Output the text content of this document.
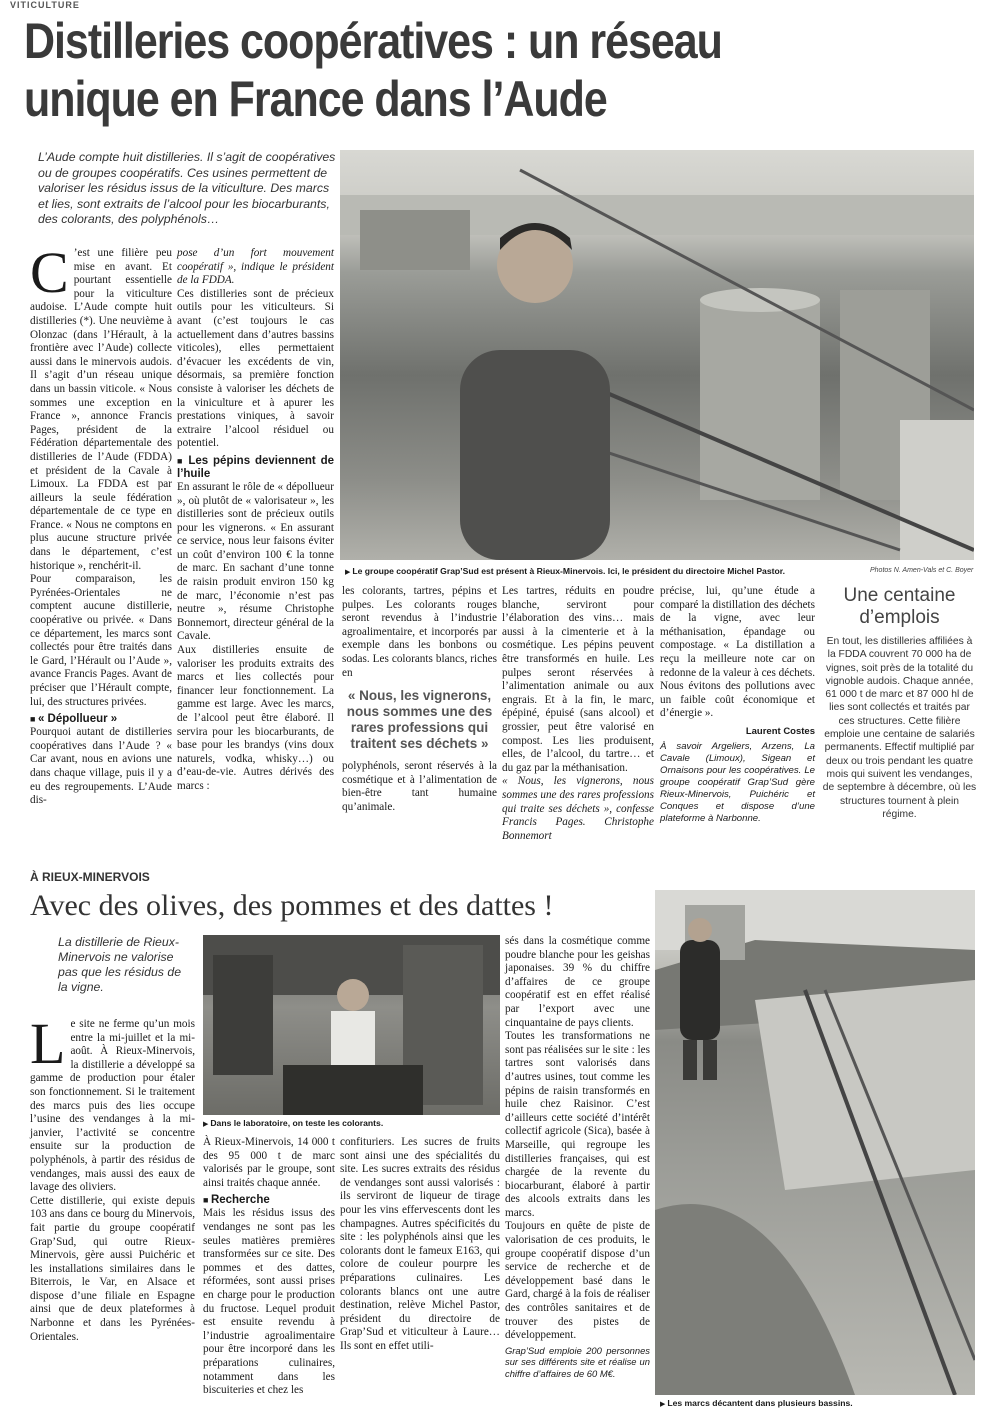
VITICULTURE
Distilleries coopératives : un réseau
unique en France dans l’Aude
L’Aude compte huit distilleries. Il s’agit de coopératives ou de groupes coopératifs. Ces usines permettent de valoriser les résidus issus de la viticulture. Des marcs et lies, sont extraits de l’alcool pour les biocarburants, des colorants, des polyphénols…
▶ Le groupe coopératif Grap’Sud est présent à Rieux-Minervois. Ici, le président du directoire Michel Pastor.	Photos N. Amen-Vals et C. Boyer

C ’est une filière peu mise en avant. Et pourtant essentielle pour la viticulture audoise. L’Aude compte huit distilleries (*). Une neuvième à Olonzac (dans l’Hérault, à la frontière avec l’Aude) collecte aussi dans le minervois audois. Il s’agit d’un réseau unique dans un bassin viticole. « Nous sommes une exception en France », annonce Francis Pages, président de la Fédération départementale des distilleries de l’Aude (FDDA) et président de la Cavale à Limoux. La FDDA est par ailleurs la seule fédération départementale de ce type en France. « Nous ne comptons en plus aucune structure privée dans le département, c’est historique », renchérit-il.

Pour comparaison, les Pyrénées-Orientales ne comptent aucune distillerie, coopérative ou privée. « Dans ce département, les marcs sont collectés pour être traités dans le Gard, l’Hérault ou l’Aude », avance Francis Pages. Avant de préciser que l’Hérault compte, lui, des structures privées.

■ « Dépollueur »

Pourquoi autant de distilleries coopératives dans l’Aude ? « Car avant, nous en avions une dans chaque village, puis il y a eu des regroupements. L’Aude dis-

pose d’un fort mouvement coopératif », indique le président de la FDDA.

Ces distilleries sont de précieux outils pour les viticulteurs. Si avant (c’est toujours le cas actuellement dans d’autres bassins viticoles), elles permettaient d’évacuer les excédents de vin, désormais, sa première fonction consiste à valoriser les déchets de la viniculture et à apurer les prestations viniques, à savoir extraire l’alcool résiduel ou potentiel.

■ Les pépins deviennent de l’huile

En assurant le rôle de « dépollueur », où plutôt de « valorisateur », les distilleries sont de précieux outils pour les vignerons. « En assurant ce service, nous leur faisons éviter un coût d’environ 100 € la tonne de marc. En sachant d’une tonne de raisin produit environ 150 kg de marc, l’économie n’est pas neutre », résume Christophe Bonnemort, directeur général de la Cavale.

Aux distilleries ensuite de valoriser les produits extraits des marcs et lies collectés pour financer leur fonctionnement. La gamme est large. Avec les marcs, de l’alcool peut être élaboré. Il servira pour les biocarburants, de base pour les brandys (vins doux naturels, vodka, whisky…) ou d’eau-de-vie. Autres dérivés des marcs :

les colorants, tartres, pépins et pulpes. Les colorants rouges seront revendus à l’industrie agroalimentaire, et incorporés par exemple dans les bonbons ou sodas. Les colorants blancs, riches en

« Nous, les vignerons, nous sommes une des rares professions qui traitent ses déchets »

polyphénols, seront réservés à la cosmétique et à l’alimentation de bien-être tant humaine qu’animale.

Les tartres, réduits en poudre blanche, serviront pour l’élaboration des vins… mais aussi à la cimenterie et à la cosmétique. Les pépins peuvent être transformés en huile. Les pulpes seront réservées à l’alimentation animale ou aux engrais. Et à la fin, le marc, épépiné, épuisé (sans alcool) et grossier, peut être valorisé en compost. Les lies produisent, elles, de l’alcool, du tartre… et du gaz par la méthanisation.

« Nous, les vignerons, nous sommes une des rares professions qui traite ses déchets », confesse Francis Pages. Christophe Bonnemort

précise, lui, qu’une étude a comparé la distillation des déchets de la vigne, avec leur méthanisation, épandage ou compostage. « La distillation a reçu la meilleure note car on redonne de la valeur à ces déchets. Nous évitons des pollutions avec un faible coût économique et d’énergie ».

Laurent Costes

À savoir Argeliers, Arzens, La Cavale (Limoux), Sigean et Ornaisons pour les coopératives. Le groupe coopératif Grap’Sud gère Rieux-Minervois, Puichéric et Conques et dispose d’une plateforme à Narbonne.

Une centaine
d’emplois
En tout, les distilleries affiliées à la FDDA couvrent 70 000 ha de vignes, soit près de la totalité du vignoble audois. Chaque année, 61 000 t de marc et 87 000 hl de lies sont collectés et traités par ces structures. Cette filière emploie une centaine de salariés permanents. Effectif multiplié par deux ou trois pendant les quatre mois qui suivent les vendanges, de septembre à décembre, où les structures tournent à plein régime.
À RIEUX-MINERVOIS
Avec des olives, des pommes et des dattes !
La distillerie de Rieux-Minervois ne valorise pas que les résidus de la vigne.
▶ Dans le laboratoire, on teste les colorants.
▶ Les marcs décantent dans plusieurs bassins.

Le site ne ferme qu’un mois entre la mi-juillet et la mi-août. À Rieux-Minervois, la distillerie a développé sa gamme de production pour étaler son fonctionnement. Si le traitement des marcs puis des lies occupe l’usine des vendanges à la mi-janvier, l’activité se concentre ensuite sur la production de polyphénols, à partir des résidus de vendanges, mais aussi des eaux de lavage des oliviers.

Cette distillerie, qui existe depuis 103 ans dans ce bourg du Minervois, fait partie du groupe coopératif Grap’Sud, qui outre Rieux-Minervois, gère aussi Puichéric et les installations similaires dans le Biterrois, le Var, en Alsace et dispose d’une filiale en Espagne ainsi que de deux plateformes à Narbonne et dans les Pyrénées-Orientales.

À Rieux-Minervois, 14 000 t des 95 000 t de marc valorisés par le groupe, sont ainsi traités chaque année.

■ Recherche

Mais les résidus issus des vendanges ne sont pas les seules matières premières transformées sur ce site. Des pommes et des dattes, réformées, sont aussi prises en charge pour le production du fructose. Lequel produit est ensuite revendu à l’industrie agroalimentaire pour être incorporé dans les préparations culinaires, notamment dans les biscuiteries et chez les

confituriers. Les sucres de fruits sont ainsi une des spécialités du site. Les sucres extraits des résidus de vendanges sont aussi valorisés : ils serviront de liqueur de tirage pour les vins effervescents dont les champagnes. Autres spécificités du site : les polyphénols ainsi que les colorants dont le fameux E163, qui colore de couleur pourpre les préparations culinaires. Les colorants blancs ont une autre destination, relève Michel Pastor, président du directoire de Grap’Sud et viticulteur à Laure… Ils sont en effet utili-

sés dans la cosmétique comme poudre blanche pour les geishas japonaises. 39 % du chiffre d’affaires de ce groupe coopératif est en effet réalisé par l’export avec une cinquantaine de pays clients.

Toutes les transformations ne sont pas réalisées sur le site : les tartres sont valorisés dans d’autres usines, tout comme les pépins de raisin transformés en huile chez Raisinor. C’est d’ailleurs cette société d’intérêt collectif agricole (Sica), basée à Marseille, qui regroupe les distilleries françaises, qui est chargée de la revente du biocarburant, élaboré à partir des alcools extraits dans les marcs.

Toujours en quête de piste de valorisation de ces produits, le groupe coopératif dispose d’un service de recherche et de développement basé dans le Gard, chargé à la fois de réaliser des contrôles sanitaires et de trouver des pistes de développement.

Grap’Sud emploie 200 personnes sur ses différents site et réalise un chiffre d’affaires de 60 M€.
